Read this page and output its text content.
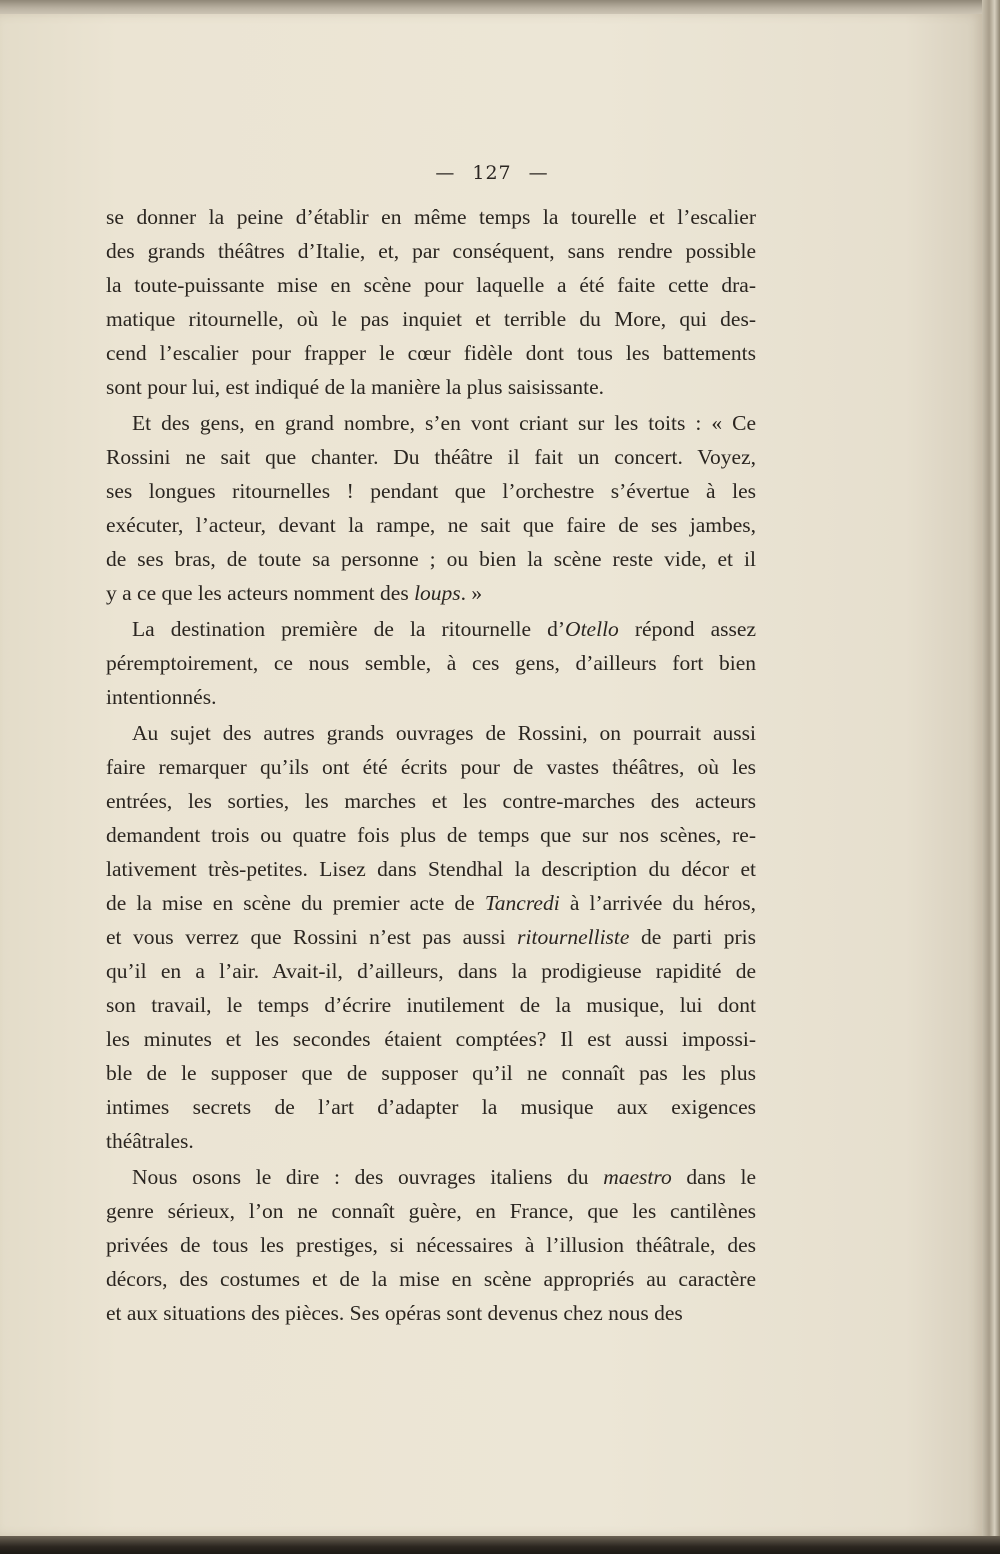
— 127 —
se donner la peine d’établir en même temps la tourelle et l’escalier
des grands théâtres d’Italie, et, par conséquent, sans rendre possible
la toute-puissante mise en scène pour laquelle a été faite cette dra-
matique ritournelle, où le pas inquiet et terrible du More, qui des-
cend l’escalier pour frapper le cœur fidèle dont tous les battements
sont pour lui, est indiqué de la manière la plus saisissante.
Et des gens, en grand nombre, s’en vont criant sur les toits : « Ce
Rossini ne sait que chanter. Du théâtre il fait un concert. Voyez,
ses longues ritournelles ! pendant que l’orchestre s’évertue à les
exécuter, l’acteur, devant la rampe, ne sait que faire de ses jambes,
de ses bras, de toute sa personne ; ou bien la scène reste vide, et il
y a ce que les acteurs nomment des loups. »
La destination première de la ritournelle d’Otello répond assez
péremptoirement, ce nous semble, à ces gens, d’ailleurs fort bien
intentionnés.
Au sujet des autres grands ouvrages de Rossini, on pourrait aussi
faire remarquer qu’ils ont été écrits pour de vastes théâtres, où les
entrées, les sorties, les marches et les contre-marches des acteurs
demandent trois ou quatre fois plus de temps que sur nos scènes, re-
lativement très-petites. Lisez dans Stendhal la description du décor et
de la mise en scène du premier acte de Tancredi à l’arrivée du héros,
et vous verrez que Rossini n’est pas aussi ritournelliste de parti pris
qu’il en a l’air. Avait-il, d’ailleurs, dans la prodigieuse rapidité de
son travail, le temps d’écrire inutilement de la musique, lui dont
les minutes et les secondes étaient comptées? Il est aussi impossi-
ble de le supposer que de supposer qu’il ne connaît pas les plus
intimes secrets de l’art d’adapter la musique aux exigences
théâtrales.
Nous osons le dire : des ouvrages italiens du maestro dans le
genre sérieux, l’on ne connaît guère, en France, que les cantilènes
privées de tous les prestiges, si nécessaires à l’illusion théâtrale, des
décors, des costumes et de la mise en scène appropriés au caractère
et aux situations des pièces. Ses opéras sont devenus chez nous des
